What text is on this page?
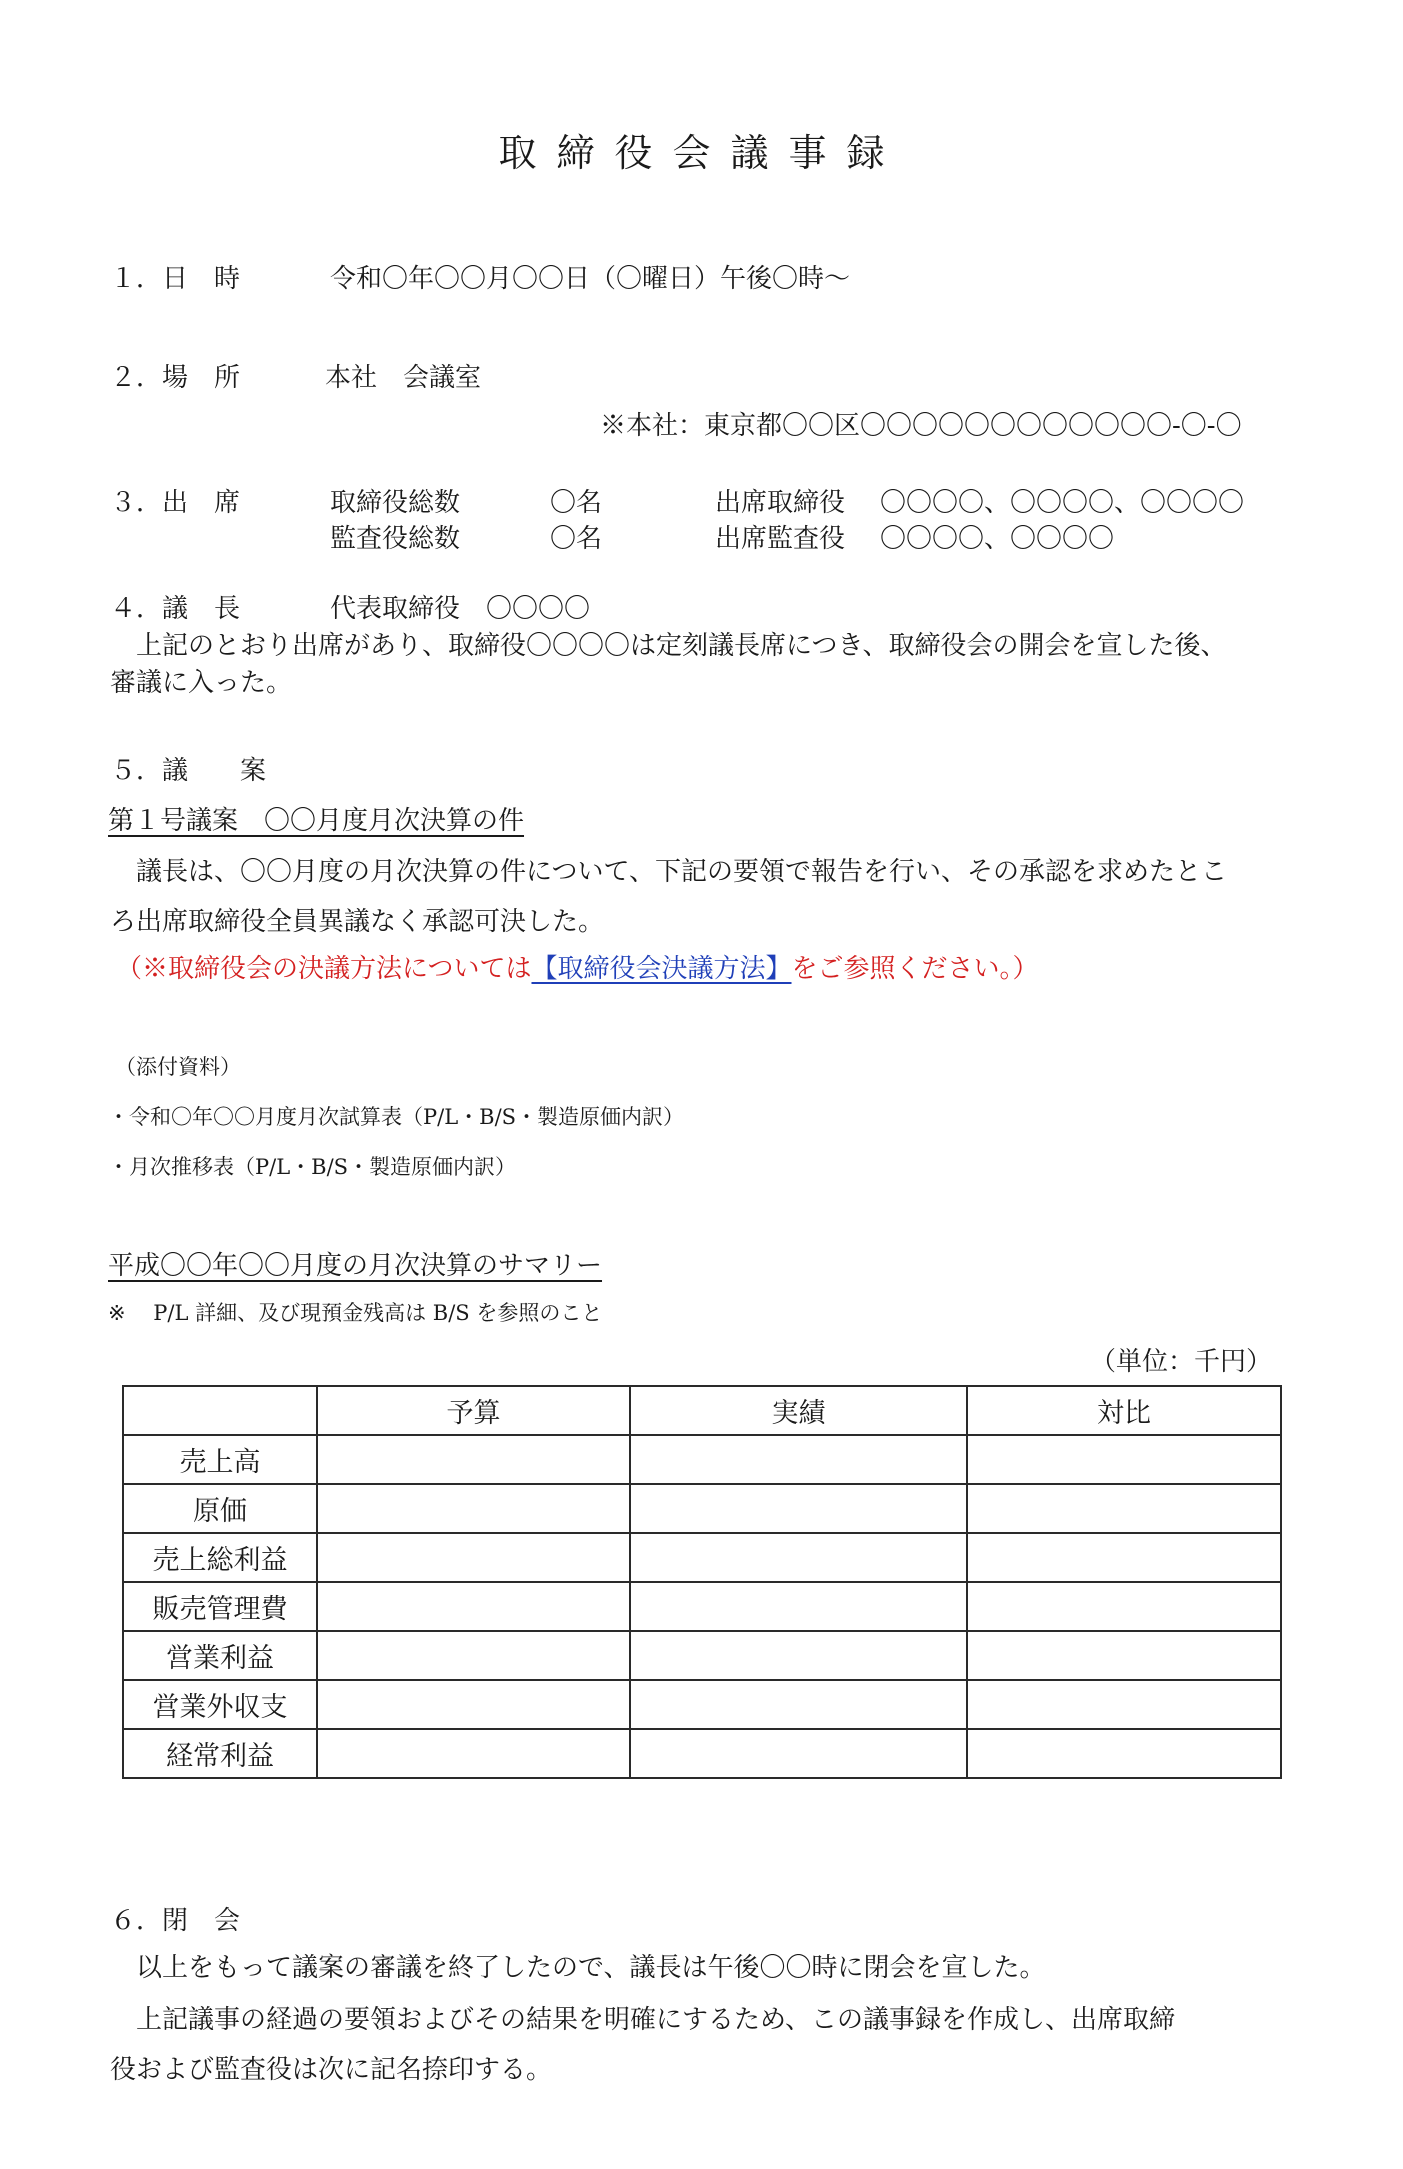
取締役会議事録
１．日　時	令和〇年〇〇月〇〇日（〇曜日）午後〇時～
２．場　所	本社　会議室
※本社：東京都〇〇区〇〇〇〇〇〇〇〇〇〇〇〇-〇-〇
３．出　席	取締役総数	〇名	出席取締役 〇〇〇〇、〇〇〇〇、〇〇〇〇
監査役総数	〇名	出席監査役 〇〇〇〇、〇〇〇〇
４．議　長	代表取締役　〇〇〇〇
上記のとおり出席があり、取締役〇〇〇〇は定刻議長席につき、取締役会の開会を宣した後、
審議に入った。
５．議　　案
第１号議案　〇〇月度月次決算の件
議長は、〇〇月度の月次決算の件について、下記の要領で報告を行い、その承認を求めたとこ
ろ出席取締役全員異議なく承認可決した。
（※取締役会の決議方法については【取締役会決議方法】をご参照ください。）
（添付資料）
・令和〇年〇〇月度月次試算表（P/L・B/S・製造原価内訳）
・月次推移表（P/L・B/S・製造原価内訳）
平成〇〇年〇〇月度の月次決算のサマリー
※　 P/L 詳細、及び現預金残高は B/S を参照のこと
（単位：千円）
	予算	実績	対比
売上高			
原価			
売上総利益			
販売管理費			
営業利益			
営業外収支			
経常利益			
６．閉　会
以上をもって議案の審議を終了したので、議長は午後〇〇時に閉会を宣した。
上記議事の経過の要領およびその結果を明確にするため、この議事録を作成し、出席取締
役および監査役は次に記名捺印する。
